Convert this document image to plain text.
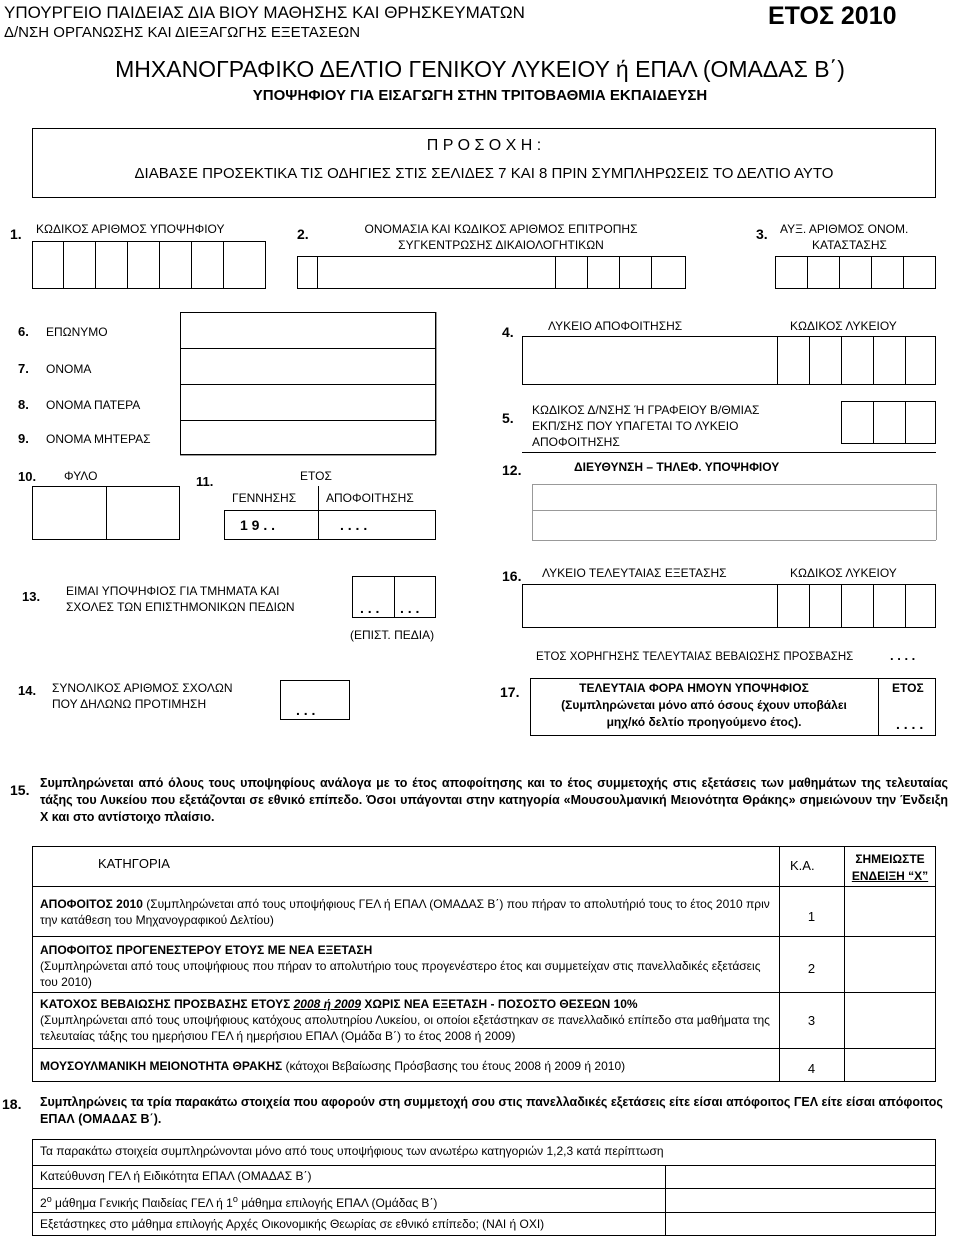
ΥΠΟΥΡΓΕΙΟ ΠΑΙΔΕΙΑΣ ΔΙΑ ΒΙΟΥ ΜΑΘΗΣΗΣ ΚΑΙ ΘΡΗΣΚΕΥΜΑΤΩΝ
Δ/ΝΣΗ ΟΡΓΑΝΩΣΗΣ ΚΑΙ ΔΙΕΞΑΓΩΓΗΣ ΕΞΕΤΑΣΕΩΝ
ΕΤΟΣ 2010
ΜΗΧΑΝΟΓΡΑΦΙΚΟ ΔΕΛΤΙΟ ΓΕΝΙΚΟΥ ΛΥΚΕΙΟΥ ή ΕΠΑΛ (ΟΜΑΔΑΣ Β΄)
ΥΠΟΨΗΦΙΟΥ ΓΙΑ ΕΙΣΑΓΩΓΗ ΣΤΗΝ ΤΡΙΤΟΒΑΘΜΙΑ ΕΚΠΑΙΔΕΥΣΗ
Π Ρ Ο Σ Ο Χ Η :
ΔΙΑΒΑΣΕ ΠΡΟΣΕΚΤΙΚΑ ΤΙΣ ΟΔΗΓΙΕΣ ΣΤΙΣ ΣΕΛΙΔΕΣ 7 ΚΑΙ 8 ΠΡΙΝ ΣΥΜΠΛΗΡΩΣΕΙΣ ΤΟ ΔΕΛΤΙΟ ΑΥΤΟ
1. ΚΩΔΙΚΟΣ ΑΡΙΘΜΟΣ ΥΠΟΨΗΦΙΟΥ	2.	ΟΝΟΜΑΣΙΑ ΚΑΙ ΚΩΔΙΚΟΣ ΑΡΙΘΜΟΣ ΕΠΙΤΡΟΠΗΣ
ΣΥΓΚΕΝΤΡΩΣΗΣ ΔΙΚΑΙΟΛΟΓΗΤΙΚΩΝ
3. ΑΥΞ. ΑΡΙΘΜΟΣ ΟΝΟΜ.
ΚΑΤΑΣΤΑΣΗΣ
6. ΕΠΩΝΥΜΟ
7. ΟΝΟΜΑ
8. ΟΝΟΜΑ ΠΑΤΕΡΑ
9. ΟΝΟΜΑ ΜΗΤΕΡΑΣ
10. ΦΥΛΟ	11.	ΕΤΟΣ
ΓΕΝΝΗΣΗΣ ΑΠΟΦΟΙΤΗΣΗΣ
1 9 . .	. . . .
4.	ΛΥΚΕΙΟ ΑΠΟΦΟΙΤΗΣΗΣ	ΚΩΔΙΚΟΣ ΛΥΚΕΙΟΥ
5. ΚΩΔΙΚΟΣ Δ/ΝΣΗΣ Ή ΓΡΑΦΕΙΟΥ Β/ΘΜΙΑΣ
ΕΚΠ/ΣΗΣ ΠΟΥ ΥΠΑΓΕΤΑΙ ΤΟ ΛΥΚΕΙΟ
ΑΠΟΦΟΙΤΗΣΗΣ
12.	ΔΙΕΥΘΥΝΣΗ – ΤΗΛΕΦ. ΥΠΟΨΗΦΙΟΥ
13. ΕΙΜΑΙ ΥΠΟΨΗΦΙΟΣ ΓΙΑ ΤΜΗΜΑΤΑ ΚΑΙ
ΣΧΟΛΕΣ ΤΩΝ ΕΠΙΣΤΗΜΟΝΙΚΩΝ ΠΕΔΙΩΝ	. . . . . .
(ΕΠΙΣΤ. ΠΕΔΙΑ)
14. ΣΥΝΟΛΙΚΟΣ ΑΡΙΘΜΟΣ ΣΧΟΛΩΝ
ΠΟΥ ΔΗΛΩΝΩ ΠΡΟΤΙΜΗΣΗ	. . .
16. ΛΥΚΕΙΟ ΤΕΛΕΥΤΑΙΑΣ ΕΞΕΤΑΣΗΣ	ΚΩΔΙΚΟΣ ΛΥΚΕΙΟΥ
ΕΤΟΣ ΧΟΡΗΓΗΣΗΣ ΤΕΛΕΥΤΑΙΑΣ ΒΕΒΑΙΩΣΗΣ ΠΡΟΣΒΑΣΗΣ	. . . .
17.	ΤΕΛΕΥΤΑΙΑ ΦΟΡΑ ΗΜΟΥΝ ΥΠΟΨΗΦΙΟΣ
(Συμπληρώνεται μόνο από όσους έχουν υποβάλει
μηχ/κό δελτίο προηγούμενο έτος).
ΕΤΟΣ
. . . .
15. Συμπληρώνεται από όλους τους υποψηφίους ανάλογα με το έτος αποφοίτησης και το έτος συμμετοχής στις εξετάσεις των μαθημάτων της τελευταίας τάξης του Λυκείου που εξετάζονται σε εθνικό επίπεδο. Όσοι υπάγονται στην κατηγορία «Μουσουλμανική Μειονότητα Θράκης» σημειώνουν την Ένδειξη Χ και στο αντίστοιχο πλαίσιο.
ΚΑΤΗΓΟΡΙΑ	Κ.Α.	ΣΗΜΕΙΩΣΤΕ
ΕΝΔΕΙΞΗ “Χ”
ΑΠΟΦΟΙΤΟΣ 2010 (Συμπληρώνεται από τους υποψήφιους ΓΕΛ ή ΕΠΑΛ (ΟΜΑΔΑΣ Β΄) που πήραν το απολυτήριό τους το έτος 2010 πριν την κατάθεση του Μηχανογραφικού Δελτίου)	1
ΑΠΟΦΟΙΤΟΣ ΠΡΟΓΕΝΕΣΤΕΡΟΥ ΕΤΟΥΣ ΜΕ ΝΕΑ ΕΞΕΤΑΣΗ
(Συμπληρώνεται από τους υποψήφιους που πήραν το απολυτήριο τους προγενέστερο έτος και συμμετείχαν στις πανελλαδικές εξετάσεις του 2010)
2
ΚΑΤΟΧΟΣ ΒΕΒΑΙΩΣΗΣ ΠΡΟΣΒΑΣΗΣ ΕΤΟΥΣ 2008 ή 2009 ΧΩΡΙΣ ΝΕΑ ΕΞΕΤΑΣΗ - ΠΟΣΟΣΤΟ ΘΕΣΕΩΝ 10%
(Συμπληρώνεται από τους υποψήφιους κατόχους απολυτηρίου Λυκείου, οι οποίοι εξετάστηκαν σε πανελλαδικό επίπεδο στα μαθήματα της τελευταίας τάξης του ημερήσιου ΓΕΛ ή ημερήσιου ΕΠΑΛ (Ομάδα Β΄) το έτος 2008 ή 2009)
3
ΜΟΥΣΟΥΛΜΑΝΙΚΗ ΜΕΙΟΝΟΤΗΤΑ ΘΡΑΚΗΣ (κάτοχοι Βεβαίωσης Πρόσβασης του έτους 2008 ή 2009 ή 2010)	4
18. Συμπληρώνεις τα τρία παρακάτω στοιχεία που αφορούν στη συμμετοχή σου στις πανελλαδικές εξετάσεις είτε είσαι απόφοιτος ΓΕΛ είτε είσαι απόφοιτος ΕΠΑΛ (ΟΜΑΔΑΣ Β΄).
Τα παρακάτω στοιχεία συμπληρώνονται μόνο από τους υποψήφιους των ανωτέρω κατηγοριών 1,2,3 κατά περίπτωση
Κατεύθυνση ΓΕΛ ή Ειδικότητα ΕΠΑΛ (ΟΜΑΔΑΣ Β΄)
$2^o$ μάθημα Γενικής Παιδείας ΓΕΛ ή $1^o$ μάθημα επιλογής ΕΠΑΛ (Ομάδας Β΄)
Εξετάστηκες στο μάθημα επιλογής Αρχές Οικονομικής Θεωρίας σε εθνικό επίπεδο; (ΝΑΙ ή ΟΧΙ)
